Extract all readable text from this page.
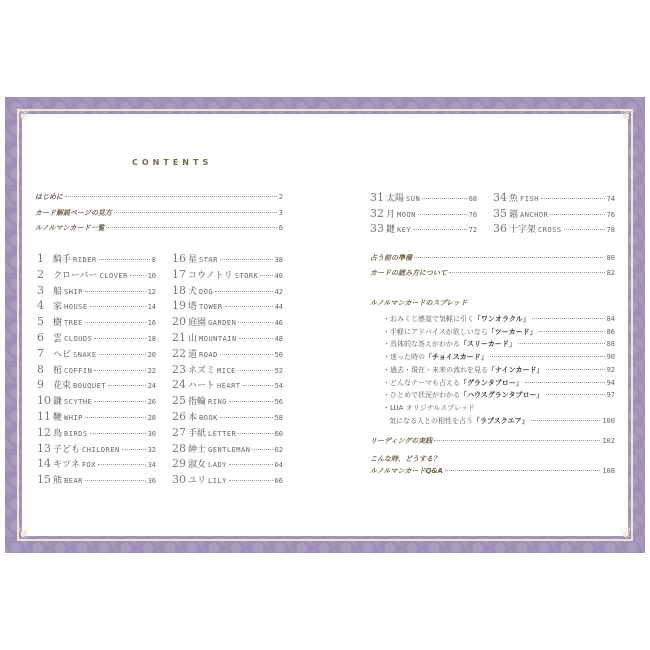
❦	❦
❦	❦
CONTENTS
はじめに	2
カード解説ページの見方	3
ルノルマンカード一覧	6
1	騎手 RIDER	8
2	クローバー CLOVER	10
3	船 SHIP	12
4	家 HOUSE	14
5	樹 TREE	16
6	雲 CLOUDS	18
7	ヘビ SNAKE	20
8	棺 COFFIN	22
9	花束 BOUQUET	24
10 鎌 SCYTHE	26
11 鞭 WHIP	28
12 鳥 BIRDS	30
13 子ども CHILDREN	32
14 キツネ FOX	34
15 熊 BEAR	36
16 星 STAR	38
17 コウノトリ STORK 40
18 犬 DOG	42
19 塔 TOWER	44
20 庭園 GARDEN	46
21 山 MOUNTAIN	48
22 道 ROAD	50
23 ネズミ MICE	52
24 ハート HEART	54
25 指輪 RING	56
26 本 BOOK	58
27 手紙 LETTER	60
28 紳士 GENTLEMAN	62
29 淑女 LADY	64
30 ユリ LILY	66
31 太陽 SUN	68
32 月 MOON	70
33 鍵 KEY	72
34 魚 FISH	74
35 錨 ANCHOR	76
36 十字架 CROSS	78
占う前の準備	80
カードの読み方について	82
ルノルマンカードのスプレッド
・おみくじ感覚で気軽に引く 「ワンオラクル」	84
・手軽にアドバイスが欲しいなら 「ツーカード」	86
・具体的な答えがわかる 「スリーカード」	88
・迷った時の 「チョイスカード」	90
・過去・現在・未来の流れを見る 「ナインカード」	92
・どんなテーマも占える 「グランタブロー」	94
・ひとめで状況がわかる 「ハウスグランタブロー」	97
・LUA オリジナルスプレッド
気になる人との相性を占う 「ラブスクエア」	100
リーディングの実践	102
こんな時、どうする？
ルノルマンカードQ&A	108
